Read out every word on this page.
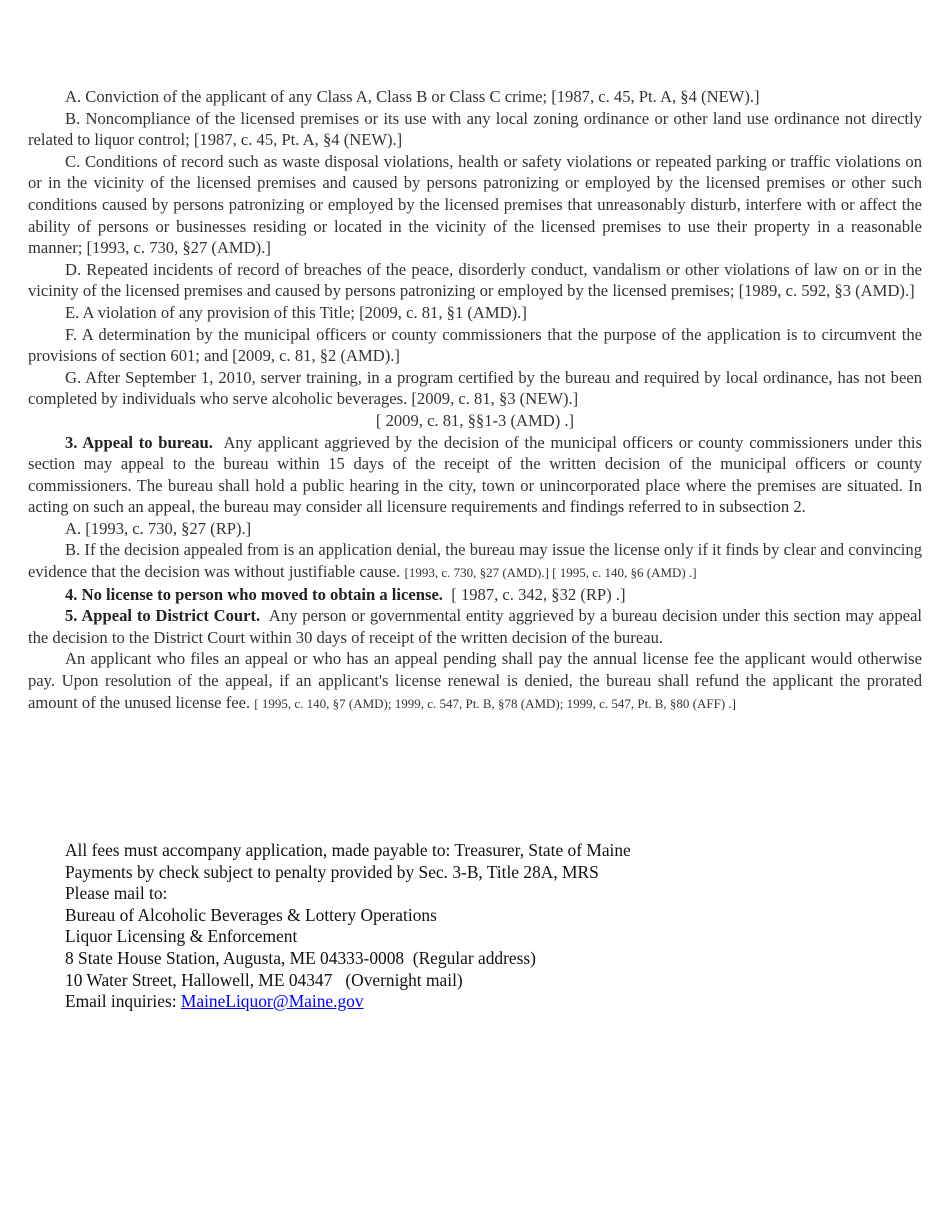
A. Conviction of the applicant of any Class A, Class B or Class C crime; [1987, c. 45, Pt. A, §4 (NEW).]

B. Noncompliance of the licensed premises or its use with any local zoning ordinance or other land use ordinance not directly related to liquor control; [1987, c. 45, Pt. A, §4 (NEW).]

C. Conditions of record such as waste disposal violations, health or safety violations or repeated parking or traffic violations on or in the vicinity of the licensed premises and caused by persons patronizing or employed by the licensed premises or other such conditions caused by persons patronizing or employed by the licensed premises that unreasonably disturb, interfere with or affect the ability of persons or businesses residing or located in the vicinity of the licensed premises to use their property in a reasonable manner; [1993, c. 730, §27 (AMD).]

D. Repeated incidents of record of breaches of the peace, disorderly conduct, vandalism or other violations of law on or in the vicinity of the licensed premises and caused by persons patronizing or employed by the licensed premises; [1989, c. 592, §3 (AMD).]

E. A violation of any provision of this Title; [2009, c. 81, §1 (AMD).]

F. A determination by the municipal officers or county commissioners that the purpose of the application is to circumvent the provisions of section 601; and [2009, c. 81, §2 (AMD).]

G. After September 1, 2010, server training, in a program certified by the bureau and required by local ordinance, has not been completed by individuals who serve alcoholic beverages. [2009, c. 81, §3 (NEW).]

[ 2009, c. 81, §§1-3 (AMD) .]

3. Appeal to bureau. Any applicant aggrieved by the decision of the municipal officers or county commissioners under this section may appeal to the bureau within 15 days of the receipt of the written decision of the municipal officers or county commissioners. The bureau shall hold a public hearing in the city, town or unincorporated place where the premises are situated. In acting on such an appeal, the bureau may consider all licensure requirements and findings referred to in subsection 2.

A. [1993, c. 730, §27 (RP).]

B. If the decision appealed from is an application denial, the bureau may issue the license only if it finds by clear and convincing evidence that the decision was without justifiable cause. [1993, c. 730, §27 (AMD).] [ 1995, c. 140, §6 (AMD) .]

4. No license to person who moved to obtain a license. [ 1987, c. 342, §32 (RP) .]

5. Appeal to District Court. Any person or governmental entity aggrieved by a bureau decision under this section may appeal the decision to the District Court within 30 days of receipt of the written decision of the bureau.

An applicant who files an appeal or who has an appeal pending shall pay the annual license fee the applicant would otherwise pay. Upon resolution of the appeal, if an applicant's license renewal is denied, the bureau shall refund the applicant the prorated amount of the unused license fee. [ 1995, c. 140, §7 (AMD); 1999, c. 547, Pt. B, §78 (AMD); 1999, c. 547, Pt. B, §80 (AFF) .]

All fees must accompany application, made payable to: Treasurer, State of Maine
Payments by check subject to penalty provided by Sec. 3-B, Title 28A, MRS
Please mail to:
Bureau of Alcoholic Beverages & Lottery Operations
Liquor Licensing & Enforcement
8 State House Station, Augusta, ME 04333-0008  (Regular address)
10 Water Street, Hallowell, ME 04347   (Overnight mail)
Email inquiries: MaineLiquor@Maine.gov
